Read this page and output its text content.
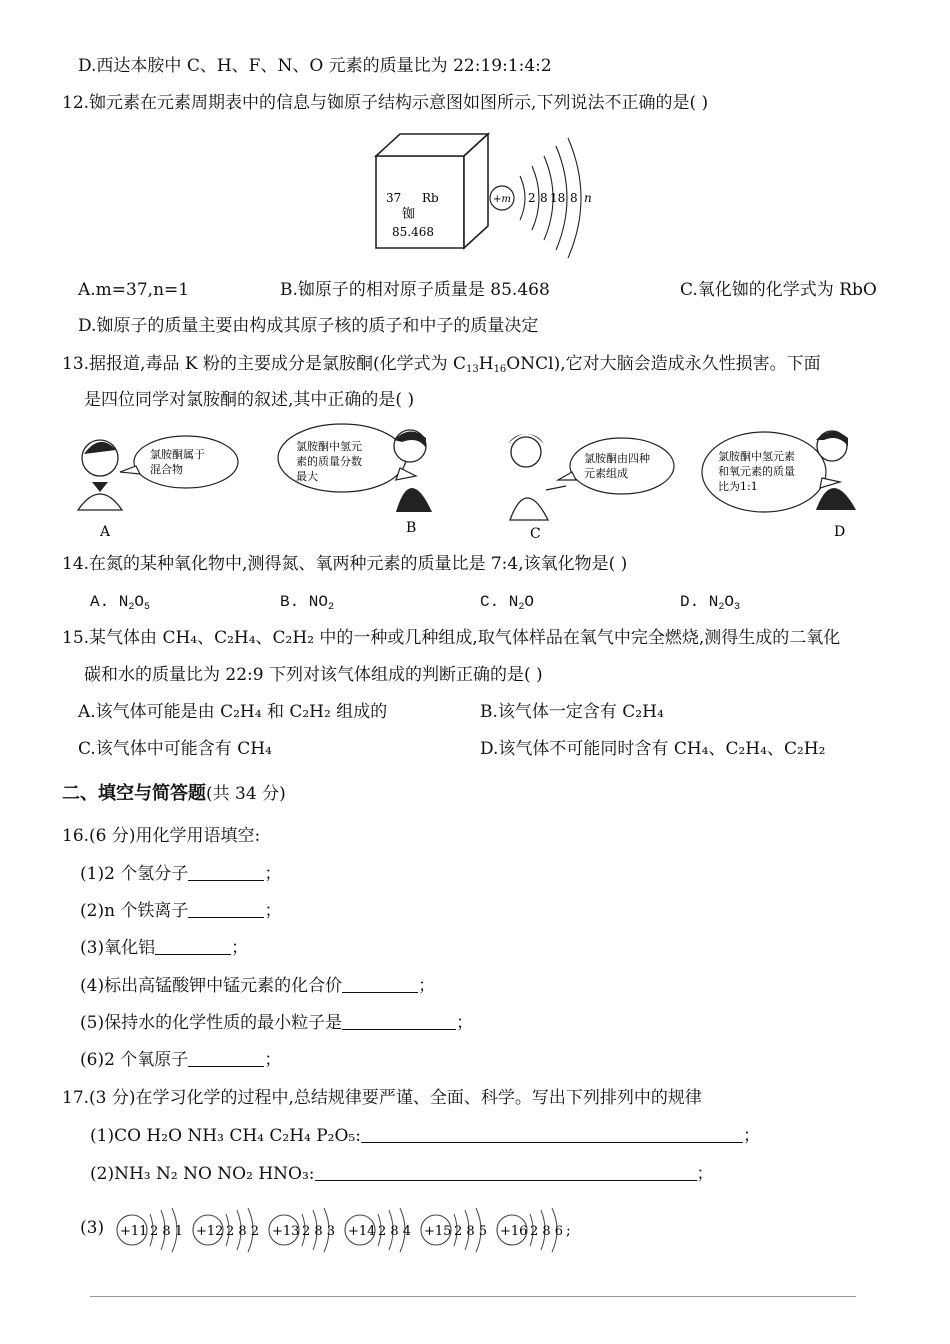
D.西达本胺中 C、H、F、N、O 元素的质量比为 22:19:1:4:2
12.铷元素在元素周期表中的信息与铷原子结构示意图如图所示,下列说法不正确的是( )
37 Rb
铷
85.468
+m 2 8 18 8 n
A.m=37,n=1	B.铷原子的相对原子质量是 85.468	C.氧化铷的化学式为 RbO
D.铷原子的质量主要由构成其原子核的质子和中子的质量决定
13.据报道,毒品 K 粉的主要成分是氯胺酮(化学式为 $C_{13}H_{16}ONCl$),它对大脑会造成永久性损害。下面
是四位同学对氯胺酮的叙述,其中正确的是( )
氯胺酮属于
混合物
A
氯胺酮中氢元
素的质量分数
最大
B
氯胺酮由四种
元素组成
C
氯胺酮中氢元素
和氧元素的质量
比为1:1
D
14.在氮的某种氧化物中,测得氮、氧两种元素的质量比是 7:4,该氧化物是( )
A. $N_2O_5$	B. $NO_2$	C. $N_2O$	D. $N_2O_3$
15.某气体由 CH₄、C₂H₄、C₂H₂ 中的一种或几种组成,取气体样品在氧气中完全燃烧,测得生成的二氧化
碳和水的质量比为 22:9 下列对该气体组成的判断正确的是( )
A.该气体可能是由 C₂H₄ 和 C₂H₂ 组成的	B.该气体一定含有 C₂H₄
C.该气体中可能含有 CH₄	D.该气体不可能同时含有 CH₄、C₂H₄、C₂H₂
二、填空与简答题(共 34 分)
16.(6 分)用化学用语填空:
(1)2 个氢分子	；
(2)n 个铁离子	；
(3)氧化铝	；
(4)标出高锰酸钾中锰元素的化合价	；
(5)保持水的化学性质的最小粒子是	；
(6)2 个氧原子	；
17.(3 分)在学习化学的过程中,总结规律要严谨、全面、科学。写出下列排列中的规律
(1)CO H₂O NH₃ CH₄ C₂H₄ P₂O₅:	；
(2)NH₃ N₂ NO NO₂ HNO₃:	；
(3) +11 2 8 1 +12 2 8 2 +13 2 8 3 +14 2 8 4 +15 2 8 5 +16 2 8 6 ;
